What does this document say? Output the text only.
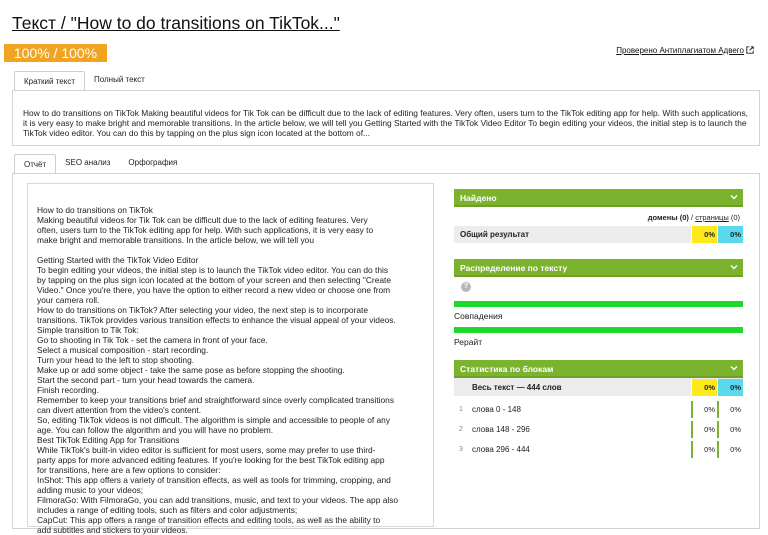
Текст / "How to do transitions on TikTok..."
100% / 100%	Проверено Антиплагиатом Адвего
Краткий текст	Полный текст
How to do transitions on TikTok Making beautiful videos for Tik Tok can be difficult due to the lack of editing features. Very often, users turn to the TikTok editing app for help. With such applications, it is very easy to make bright and memorable transitions. In the article below, we will tell you Getting Started with the TikTok Video Editor To begin editing your videos, the initial step is to launch the TikTok video editor. You can do this by tapping on the plus sign icon located at the bottom of...
Отчёт	SEO анализ	Орфография
How to do transitions on TikTok
Making beautiful videos for Tik Tok can be difficult due to the lack of editing features. Very
often, users turn to the TikTok editing app for help. With such applications, it is very easy to
make bright and memorable transitions. In the article below, we will tell you
Getting Started with the TikTok Video Editor
To begin editing your videos, the initial step is to launch the TikTok video editor. You can do this
by tapping on the plus sign icon located at the bottom of your screen and then selecting "Create
Video." Once you're there, you have the option to either record a new video or choose one from
your camera roll.
How to do transitions on TikTok? After selecting your video, the next step is to incorporate
transitions. TikTok provides various transition effects to enhance the visual appeal of your videos.
Simple transition to Tik Tok:
Go to shooting in Tik Tok - set the camera in front of your face.
Select a musical composition - start recording.
Turn your head to the left to stop shooting.
Make up or add some object - take the same pose as before stopping the shooting.
Start the second part - turn your head towards the camera.
Finish recording.
Remember to keep your transitions brief and straightforward since overly complicated transitions
can divert attention from the video's content.
So, editing TikTok videos is not difficult. The algorithm is simple and accessible to people of any
age. You can follow the algorithm and you will have no problem.
Best TikTok Editing App for Transitions
While TikTok's built-in video editor is sufficient for most users, some may prefer to use third-
party apps for more advanced editing features. If you're looking for the best TikTok editing app
for transitions, here are a few options to consider:
InShot: This app offers a variety of transition effects, as well as tools for trimming, cropping, and
adding music to your videos;
FilmoraGo: With FilmoraGo, you can add transitions, music, and text to your videos. The app also
includes a range of editing tools, such as filters and color adjustments;
CapCut: This app offers a range of transition effects and editing tools, as well as the ability to
add subtitles and stickers to your videos.
Найдено
домены (0) / страницы (0)
Общий результат	0%	0%
Распределение по тексту
?
Совпадения
Рерайт
Статистика по блокам
Весь текст — 444 слов	0%	0%
1	слова 0 - 148	0%	0%
2	слова 148 - 296	0%	0%
3	слова 296 - 444	0%	0%
